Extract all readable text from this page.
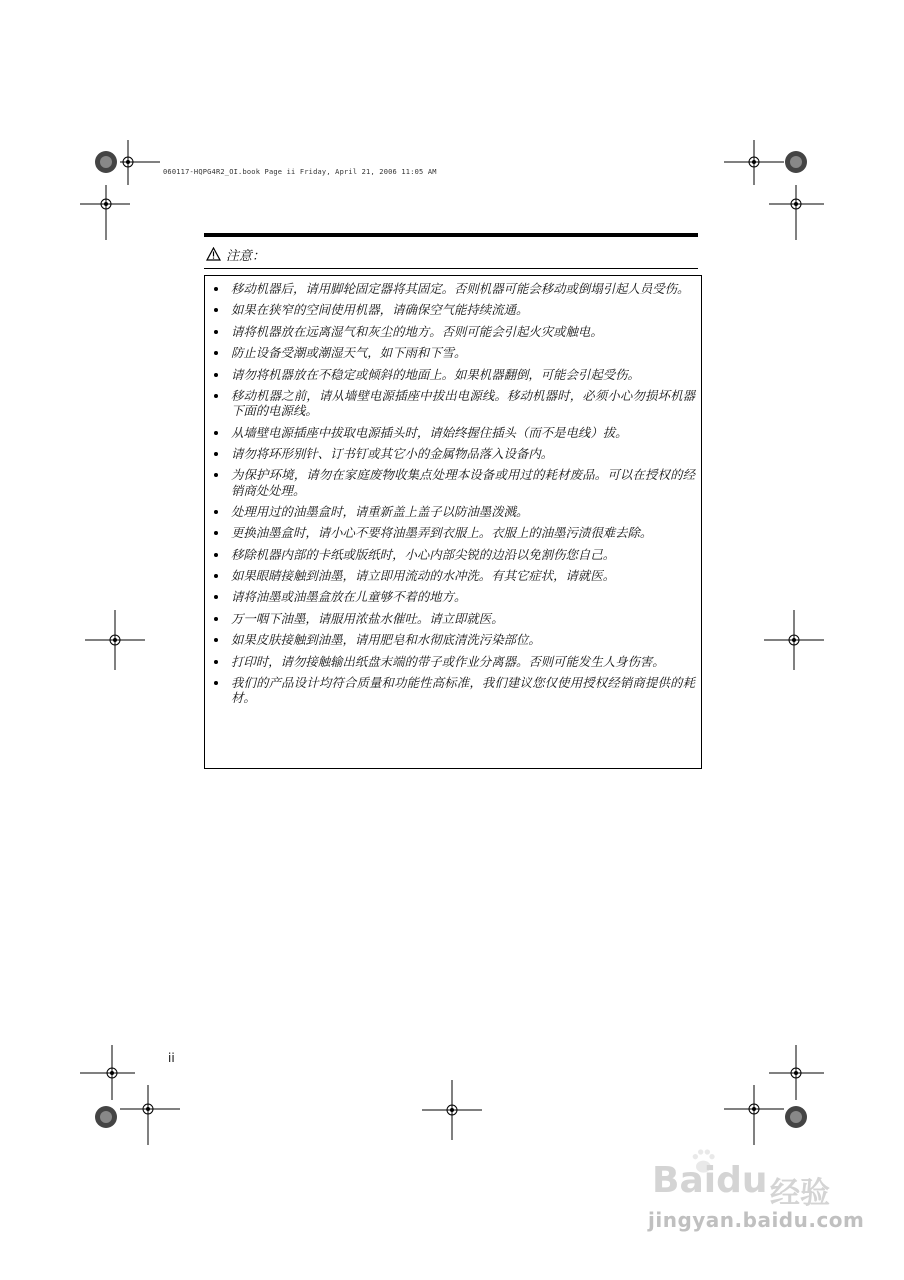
060117-HQPG4R2_OI.book Page ii Friday, April 21, 2006 11:05 AM
注意：
移动机器后，请用脚轮固定器将其固定。否则机器可能会移动或倒塌引起人员受伤。
如果在狭窄的空间使用机器，请确保空气能持续流通。
请将机器放在远离湿气和灰尘的地方。否则可能会引起火灾或触电。
防止设备受潮或潮湿天气，如下雨和下雪。
请勿将机器放在不稳定或倾斜的地面上。如果机器翻倒，可能会引起受伤。
移动机器之前，请从墙壁电源插座中拔出电源线。移动机器时，必须小心勿损坏机器下面的电源线。
从墙壁电源插座中拔取电源插头时，请始终握住插头（而不是电线）拔。
请勿将环形别针、订书钉或其它小的金属物品落入设备内。
为保护环境，请勿在家庭废物收集点处理本设备或用过的耗材废品。可以在授权的经销商处处理。
处理用过的油墨盒时，请重新盖上盖子以防油墨泼溅。
更换油墨盒时，请小心不要将油墨弄到衣服上。衣服上的油墨污渍很难去除。
移除机器内部的卡纸或版纸时，小心内部尖锐的边沿以免割伤您自己。
如果眼睛接触到油墨，请立即用流动的水冲洗。有其它症状，请就医。
请将油墨或油墨盒放在儿童够不着的地方。
万一咽下油墨，请服用浓盐水催吐。请立即就医。
如果皮肤接触到油墨，请用肥皂和水彻底清洗污染部位。
打印时，请勿接触输出纸盘末端的带子或作业分离器。否则可能发生人身伤害。
我们的产品设计均符合质量和功能性高标准，我们建议您仅使用授权经销商提供的耗材。
ii
Baidu 经验
jingyan.baidu.com
